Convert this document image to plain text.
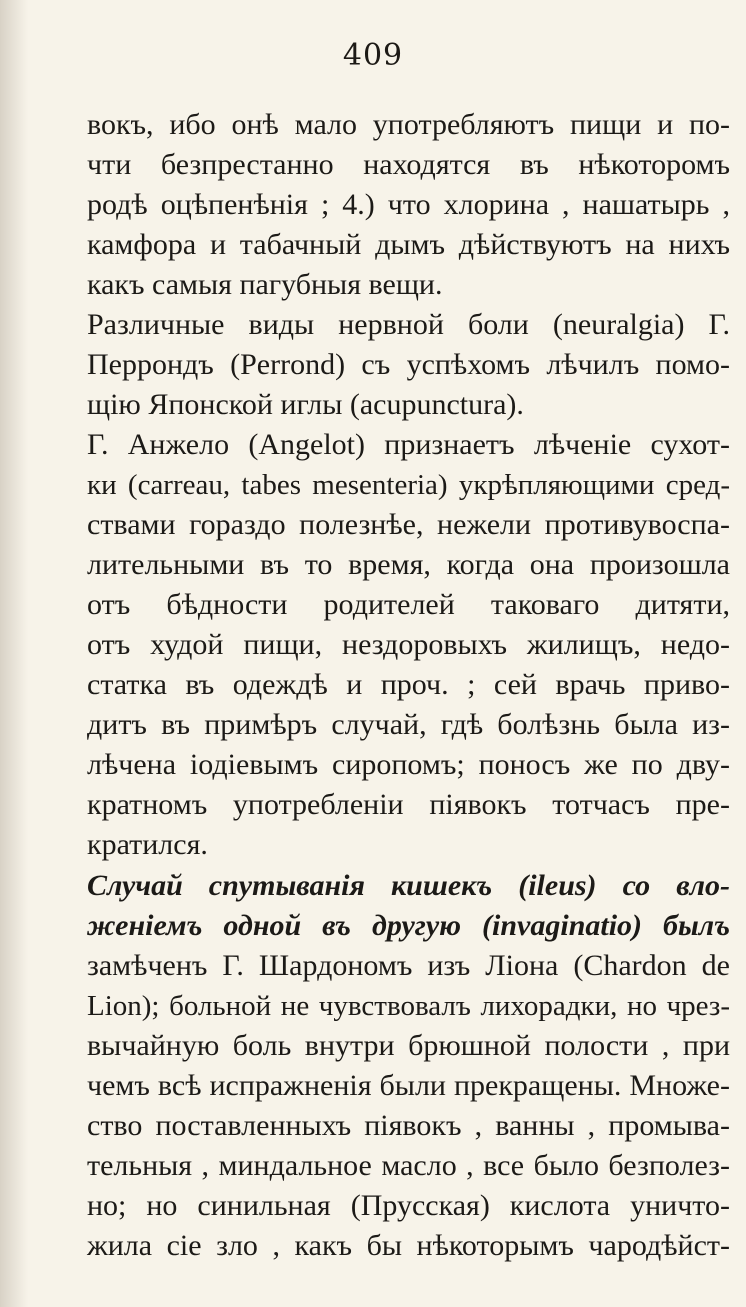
409
вокъ, ибо онѣ мало употребляютъ пищи и по-
чти безпрестанно находятся въ нѣкоторомъ
родѣ оцѣпенѣнія ; 4.) что хлорина , нашатырь ,
камфора и табачный дымъ дѣйствуютъ на нихъ
какъ самыя пагубныя вещи.
Различные виды нервной боли (neuralgia) Г.
Перрондъ (Perrond) съ успѣхомъ лѣчилъ помо-
щію Японской иглы (acupunctura).
Г. Анжело (Angelot) признаетъ лѣченіе сухот-
ки (carreau, tabes mesenteria) укрѣпляющими сред-
ствами гораздо полезнѣе, нежели противувоспа-
лительными въ то время, когда она произошла
отъ бѣдности родителей таковаго дитяти,
отъ худой пищи, нездоровыхъ жилищъ, недо-
статка въ одеждѣ и проч. ; сей врачь приво-
дитъ въ примѣръ случай, гдѣ болѣзнь была из-
лѣчена іодіевымъ сиропомъ; поносъ же по дву-
кратномъ употребленіи піявокъ тотчасъ пре-
кратился.
Случай спутыванія кишекъ (ileus) со вло-
женіемъ одной въ другую (invaginatio) былъ
замѣченъ Г. Шардономъ изъ Ліона (Chardon de
Lion); больной не чувствовалъ лихорадки, но чрез-
вычайную боль внутри брюшной полости , при
чемъ всѣ испражненія были прекращены. Множе-
ство поставленныхъ піявокъ , ванны , промыва-
тельныя , миндальное масло , все было безполез-
но; но синильная (Прусская) кислота уничто-
жила сіе зло , какъ бы нѣкоторымъ чародѣйст-
